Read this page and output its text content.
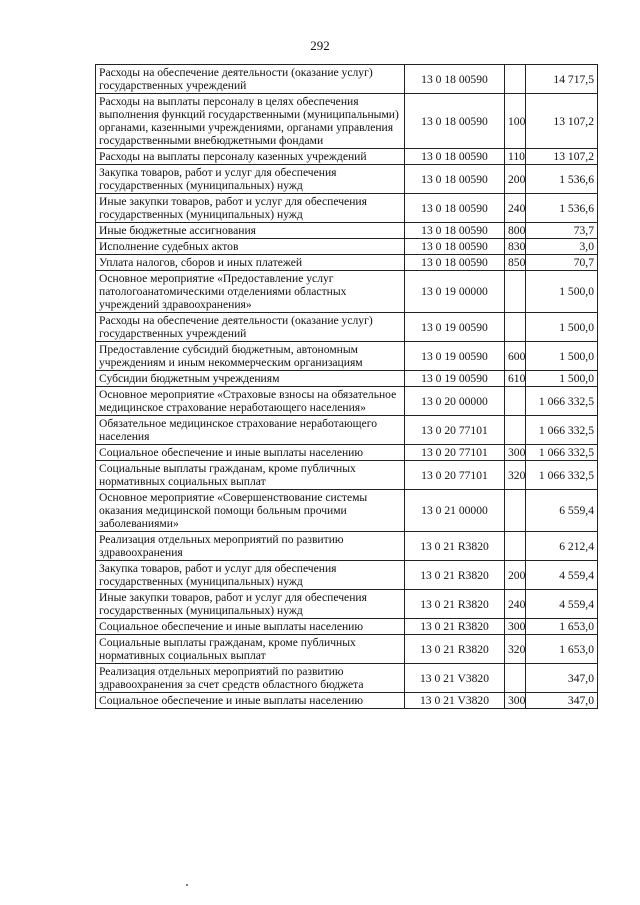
292
Расходы на обеспечение деятельности (оказание услуг) государственных учреждений	13 0 18 00590		14 717,5
Расходы на выплаты персоналу в целях обеспечения выполнения функций государственными (муниципальными) органами, казенными учреждениями, органами управления государственными внебюджетными фондами	13 0 18 00590	100	13 107,2
Расходы на выплаты персоналу казенных учреждений	13 0 18 00590	110	13 107,2
Закупка товаров, работ и услуг для обеспечения государственных (муниципальных) нужд	13 0 18 00590	200	1 536,6
Иные закупки товаров, работ и услуг для обеспечения государственных (муниципальных) нужд	13 0 18 00590	240	1 536,6
Иные бюджетные ассигнования	13 0 18 00590	800	73,7
Исполнение судебных актов	13 0 18 00590	830	3,0
Уплата налогов, сборов и иных платежей	13 0 18 00590	850	70,7
Основное мероприятие «Предоставление услуг патологоанатомическими отделениями областных учреждений здравоохранения»	13 0 19 00000		1 500,0
Расходы на обеспечение деятельности (оказание услуг) государственных учреждений	13 0 19 00590		1 500,0
Предоставление субсидий бюджетным, автономным учреждениям и иным некоммерческим организациям	13 0 19 00590	600	1 500,0
Субсидии бюджетным учреждениям	13 0 19 00590	610	1 500,0
Основное мероприятие «Страховые взносы на обязательное медицинское страхование неработающего населения»	13 0 20 00000		1 066 332,5
Обязательное медицинское страхование неработающего населения	13 0 20 77101		1 066 332,5
Социальное обеспечение и иные выплаты населению	13 0 20 77101	300	1 066 332,5
Социальные выплаты гражданам, кроме публичных нормативных социальных выплат	13 0 20 77101	320	1 066 332,5
Основное мероприятие «Совершенствование системы оказания медицинской помощи больным прочими заболеваниями»	13 0 21 00000		6 559,4
Реализация отдельных мероприятий по развитию здравоохранения	13 0 21 R3820		6 212,4
Закупка товаров, работ и услуг для обеспечения государственных (муниципальных) нужд	13 0 21 R3820	200	4 559,4
Иные закупки товаров, работ и услуг для обеспечения государственных (муниципальных) нужд	13 0 21 R3820	240	4 559,4
Социальное обеспечение и иные выплаты населению	13 0 21 R3820	300	1 653,0
Социальные выплаты гражданам, кроме публичных нормативных социальных выплат	13 0 21 R3820	320	1 653,0
Реализация отдельных мероприятий по развитию здравоохранения за счет средств областного бюджета	13 0 21 V3820		347,0
Социальное обеспечение и иные выплаты населению	13 0 21 V3820	300	347,0
